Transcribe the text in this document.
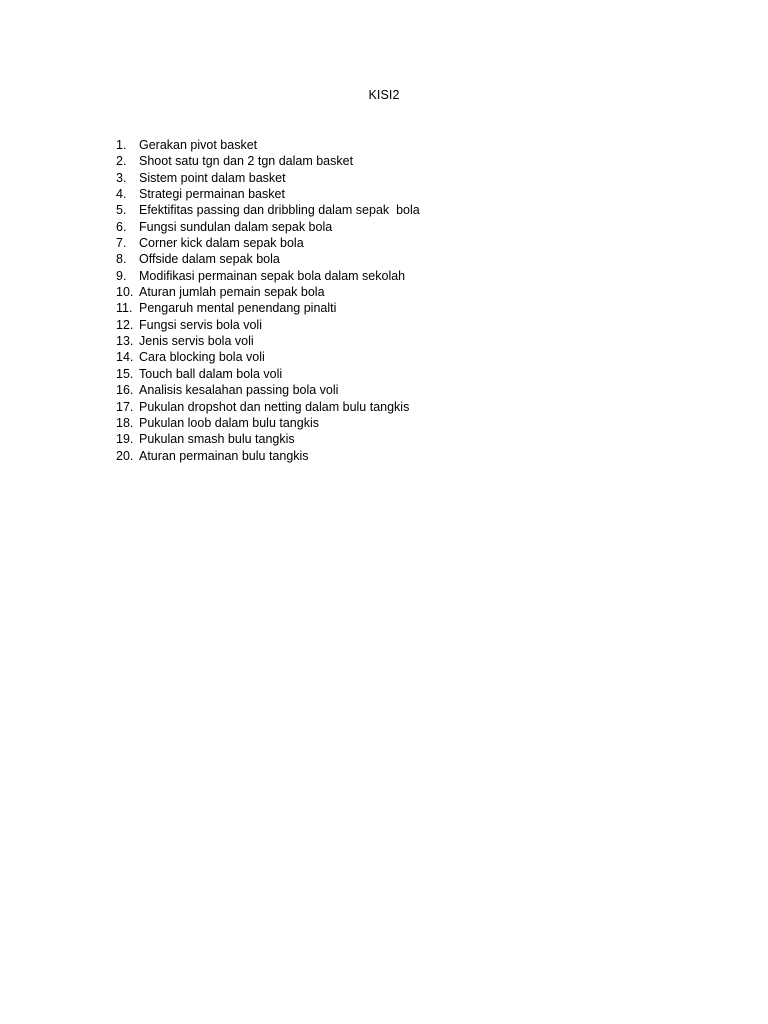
KISI2
1.	Gerakan pivot basket
2.	Shoot satu tgn dan 2 tgn dalam basket
3.	Sistem point dalam basket
4.	Strategi permainan basket
5.	Efektifitas passing dan dribbling dalam sepak  bola
6.	Fungsi sundulan dalam sepak bola
7.	Corner kick dalam sepak bola
8.	Offside dalam sepak bola
9.	Modifikasi permainan sepak bola dalam sekolah
10. Aturan jumlah pemain sepak bola
11. Pengaruh mental penendang pinalti
12. Fungsi servis bola voli
13. Jenis servis bola voli
14. Cara blocking bola voli
15. Touch ball dalam bola voli
16. Analisis kesalahan passing bola voli
17. Pukulan dropshot dan netting dalam bulu tangkis
18. Pukulan loob dalam bulu tangkis
19. Pukulan smash bulu tangkis
20. Aturan permainan bulu tangkis
